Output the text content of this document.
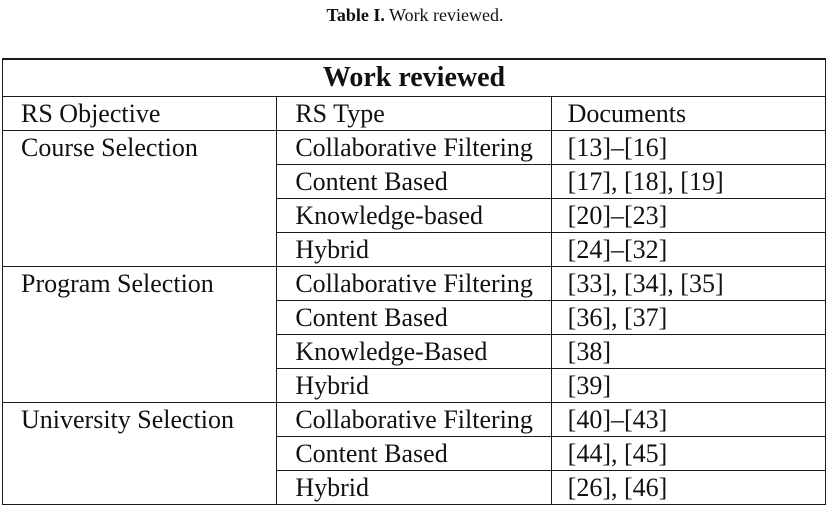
Table I. Work reviewed.
Work reviewed		
RS Objective	RS Type	Documents
Course Selection	Collaborative Filtering	[13]–[16]
	Content Based	[17], [18], [19]
	Knowledge-based	[20]–[23]
	Hybrid	[24]–[32]
Program Selection	Collaborative Filtering	[33], [34], [35]
	Content Based	[36], [37]
	Knowledge-Based	[38]
	Hybrid	[39]
University Selection	Collaborative Filtering	[40]–[43]
	Content Based	[44], [45]
	Hybrid	[26], [46]
